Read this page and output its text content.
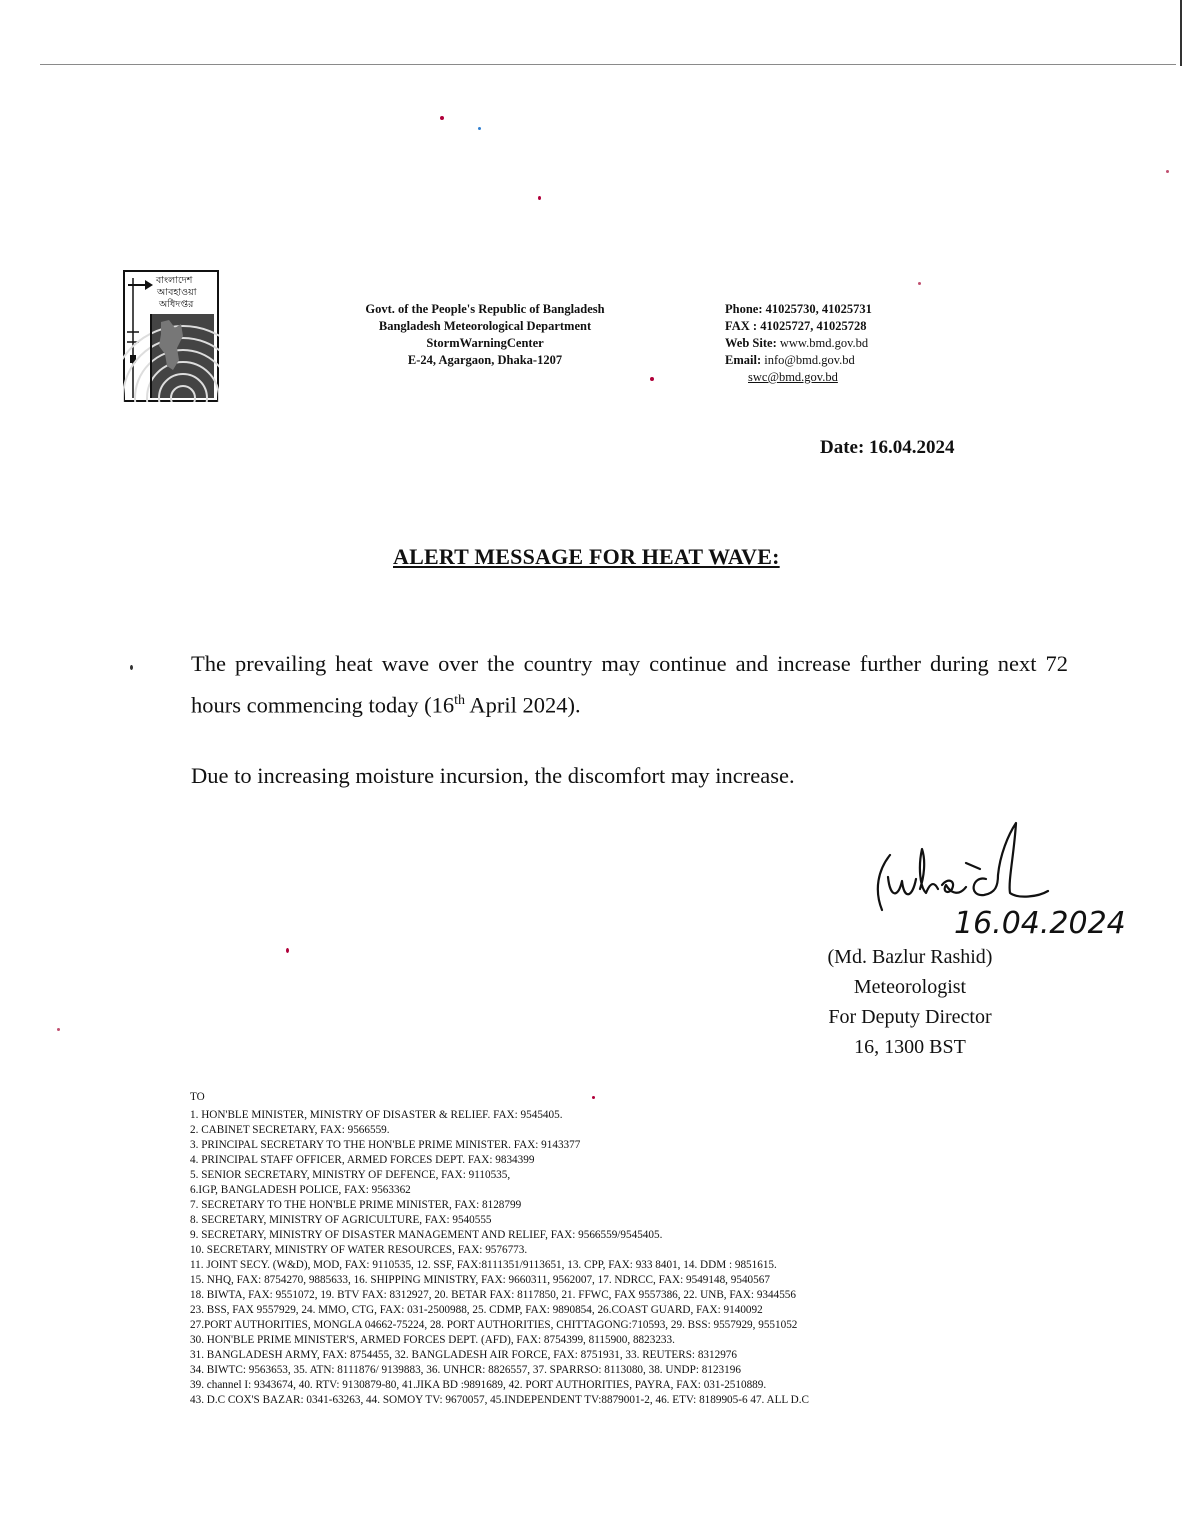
বাংলাদেশ
আবহাওয়া
অধিদপ্তর	Govt. of the People's Republic of Bangladesh
Bangladesh Meteorological Department
StormWarningCenter
E-24, Agargaon, Dhaka-1207
Phone: 41025730, 41025731
FAX : 41025727, 41025728
Web Site: www.bmd.gov.bd
Email: info@bmd.gov.bd
swc@bmd.gov.bd
Date: 16.04.2024
ALERT MESSAGE FOR HEAT WAVE:
The prevailing heat wave over the country may continue and increase further during next 72 hours commencing today (16th April 2024).
Due to increasing moisture incursion, the discomfort may increase.
16.04.2024
(Md. Bazlur Rashid)
Meteorologist
For Deputy Director
16, 1300 BST
TO
1. HON'BLE MINISTER, MINISTRY OF DISASTER & RELIEF. FAX: 9545405.
2. CABINET SECRETARY, FAX: 9566559.
3. PRINCIPAL SECRETARY TO THE HON'BLE PRIME MINISTER. FAX: 9143377
4. PRINCIPAL STAFF OFFICER, ARMED FORCES DEPT. FAX: 9834399
5. SENIOR SECRETARY, MINISTRY OF DEFENCE, FAX: 9110535,
6.IGP, BANGLADESH POLICE, FAX: 9563362
7. SECRETARY TO THE HON'BLE PRIME MINISTER, FAX: 8128799
8. SECRETARY, MINISTRY OF AGRICULTURE, FAX: 9540555
9. SECRETARY, MINISTRY OF DISASTER MANAGEMENT AND RELIEF, FAX: 9566559/9545405.
10. SECRETARY, MINISTRY OF WATER RESOURCES, FAX: 9576773.
11. JOINT SECY. (W&D), MOD, FAX: 9110535, 12. SSF, FAX:8111351/9113651, 13. CPP, FAX: 933 8401, 14. DDM : 9851615.
15. NHQ, FAX: 8754270, 9885633, 16. SHIPPING MINISTRY, FAX: 9660311, 9562007, 17. NDRCC, FAX: 9549148, 9540567
18. BIWTA, FAX: 9551072, 19. BTV FAX: 8312927, 20. BETAR FAX: 8117850, 21. FFWC, FAX 9557386, 22. UNB, FAX: 9344556
23. BSS, FAX 9557929, 24. MMO, CTG, FAX: 031-2500988, 25. CDMP, FAX: 9890854, 26.COAST GUARD, FAX: 9140092
27.PORT AUTHORITIES, MONGLA 04662-75224, 28. PORT AUTHORITIES, CHITTAGONG:710593, 29. BSS: 9557929, 9551052
30. HON'BLE PRIME MINISTER'S, ARMED FORCES DEPT. (AFD), FAX: 8754399, 8115900, 8823233.
31. BANGLADESH ARMY, FAX: 8754455, 32. BANGLADESH AIR FORCE, FAX: 8751931, 33. REUTERS: 8312976
34. BIWTC: 9563653, 35. ATN: 8111876/ 9139883, 36. UNHCR: 8826557, 37. SPARRSO: 8113080, 38. UNDP: 8123196
39. channel I: 9343674, 40. RTV: 9130879-80, 41.JIKA BD :9891689, 42. PORT AUTHORITIES, PAYRA, FAX: 031-2510889.
43. D.C COX'S BAZAR: 0341-63263, 44. SOMOY TV: 9670057, 45.INDEPENDENT TV:8879001-2, 46. ETV: 8189905-6 47. ALL D.C
